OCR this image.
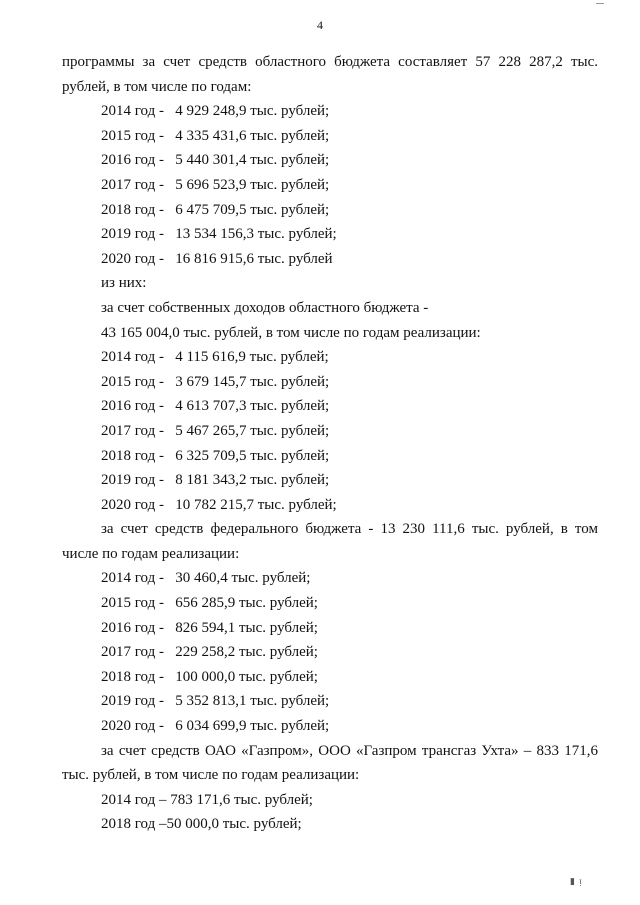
4
программы за счет средств областного бюджета составляет 57 228 287,2 тыс.
рублей, в том числе по годам:
2014 год - 4 929 248,9 тыс. рублей;
2015 год - 4 335 431,6 тыс. рублей;
2016 год - 5 440 301,4 тыс. рублей;
2017 год - 5 696 523,9 тыс. рублей;
2018 год - 6 475 709,5 тыс. рублей;
2019 год - 13 534 156,3 тыс. рублей;
2020 год - 16 816 915,6 тыс. рублей
из них:
за счет собственных доходов областного бюджета -
43 165 004,0 тыс. рублей, в том числе по годам реализации:
2014 год - 4 115 616,9 тыс. рублей;
2015 год - 3 679 145,7 тыс. рублей;
2016 год - 4 613 707,3 тыс. рублей;
2017 год - 5 467 265,7 тыс. рублей;
2018 год - 6 325 709,5 тыс. рублей;
2019 год - 8 181 343,2 тыс. рублей;
2020 год - 10 782 215,7 тыс. рублей;
за счет средств федерального бюджета - 13 230 111,6 тыс. рублей, в том
числе по годам реализации:
2014 год - 30 460,4 тыс. рублей;
2015 год - 656 285,9 тыс. рублей;
2016 год - 826 594,1 тыс. рублей;
2017 год - 229 258,2 тыс. рублей;
2018 год - 100 000,0 тыс. рублей;
2019 год - 5 352 813,1 тыс. рублей;
2020 год - 6 034 699,9 тыс. рублей;
за счет средств ОАО «Газпром», ООО «Газпром трансгаз Ухта» – 833 171,6
тыс. рублей, в том числе по годам реализации:
2014 год – 783 171,6 тыс. рублей;
2018 год –50 000,0 тыс. рублей;
▮ ᴉ
